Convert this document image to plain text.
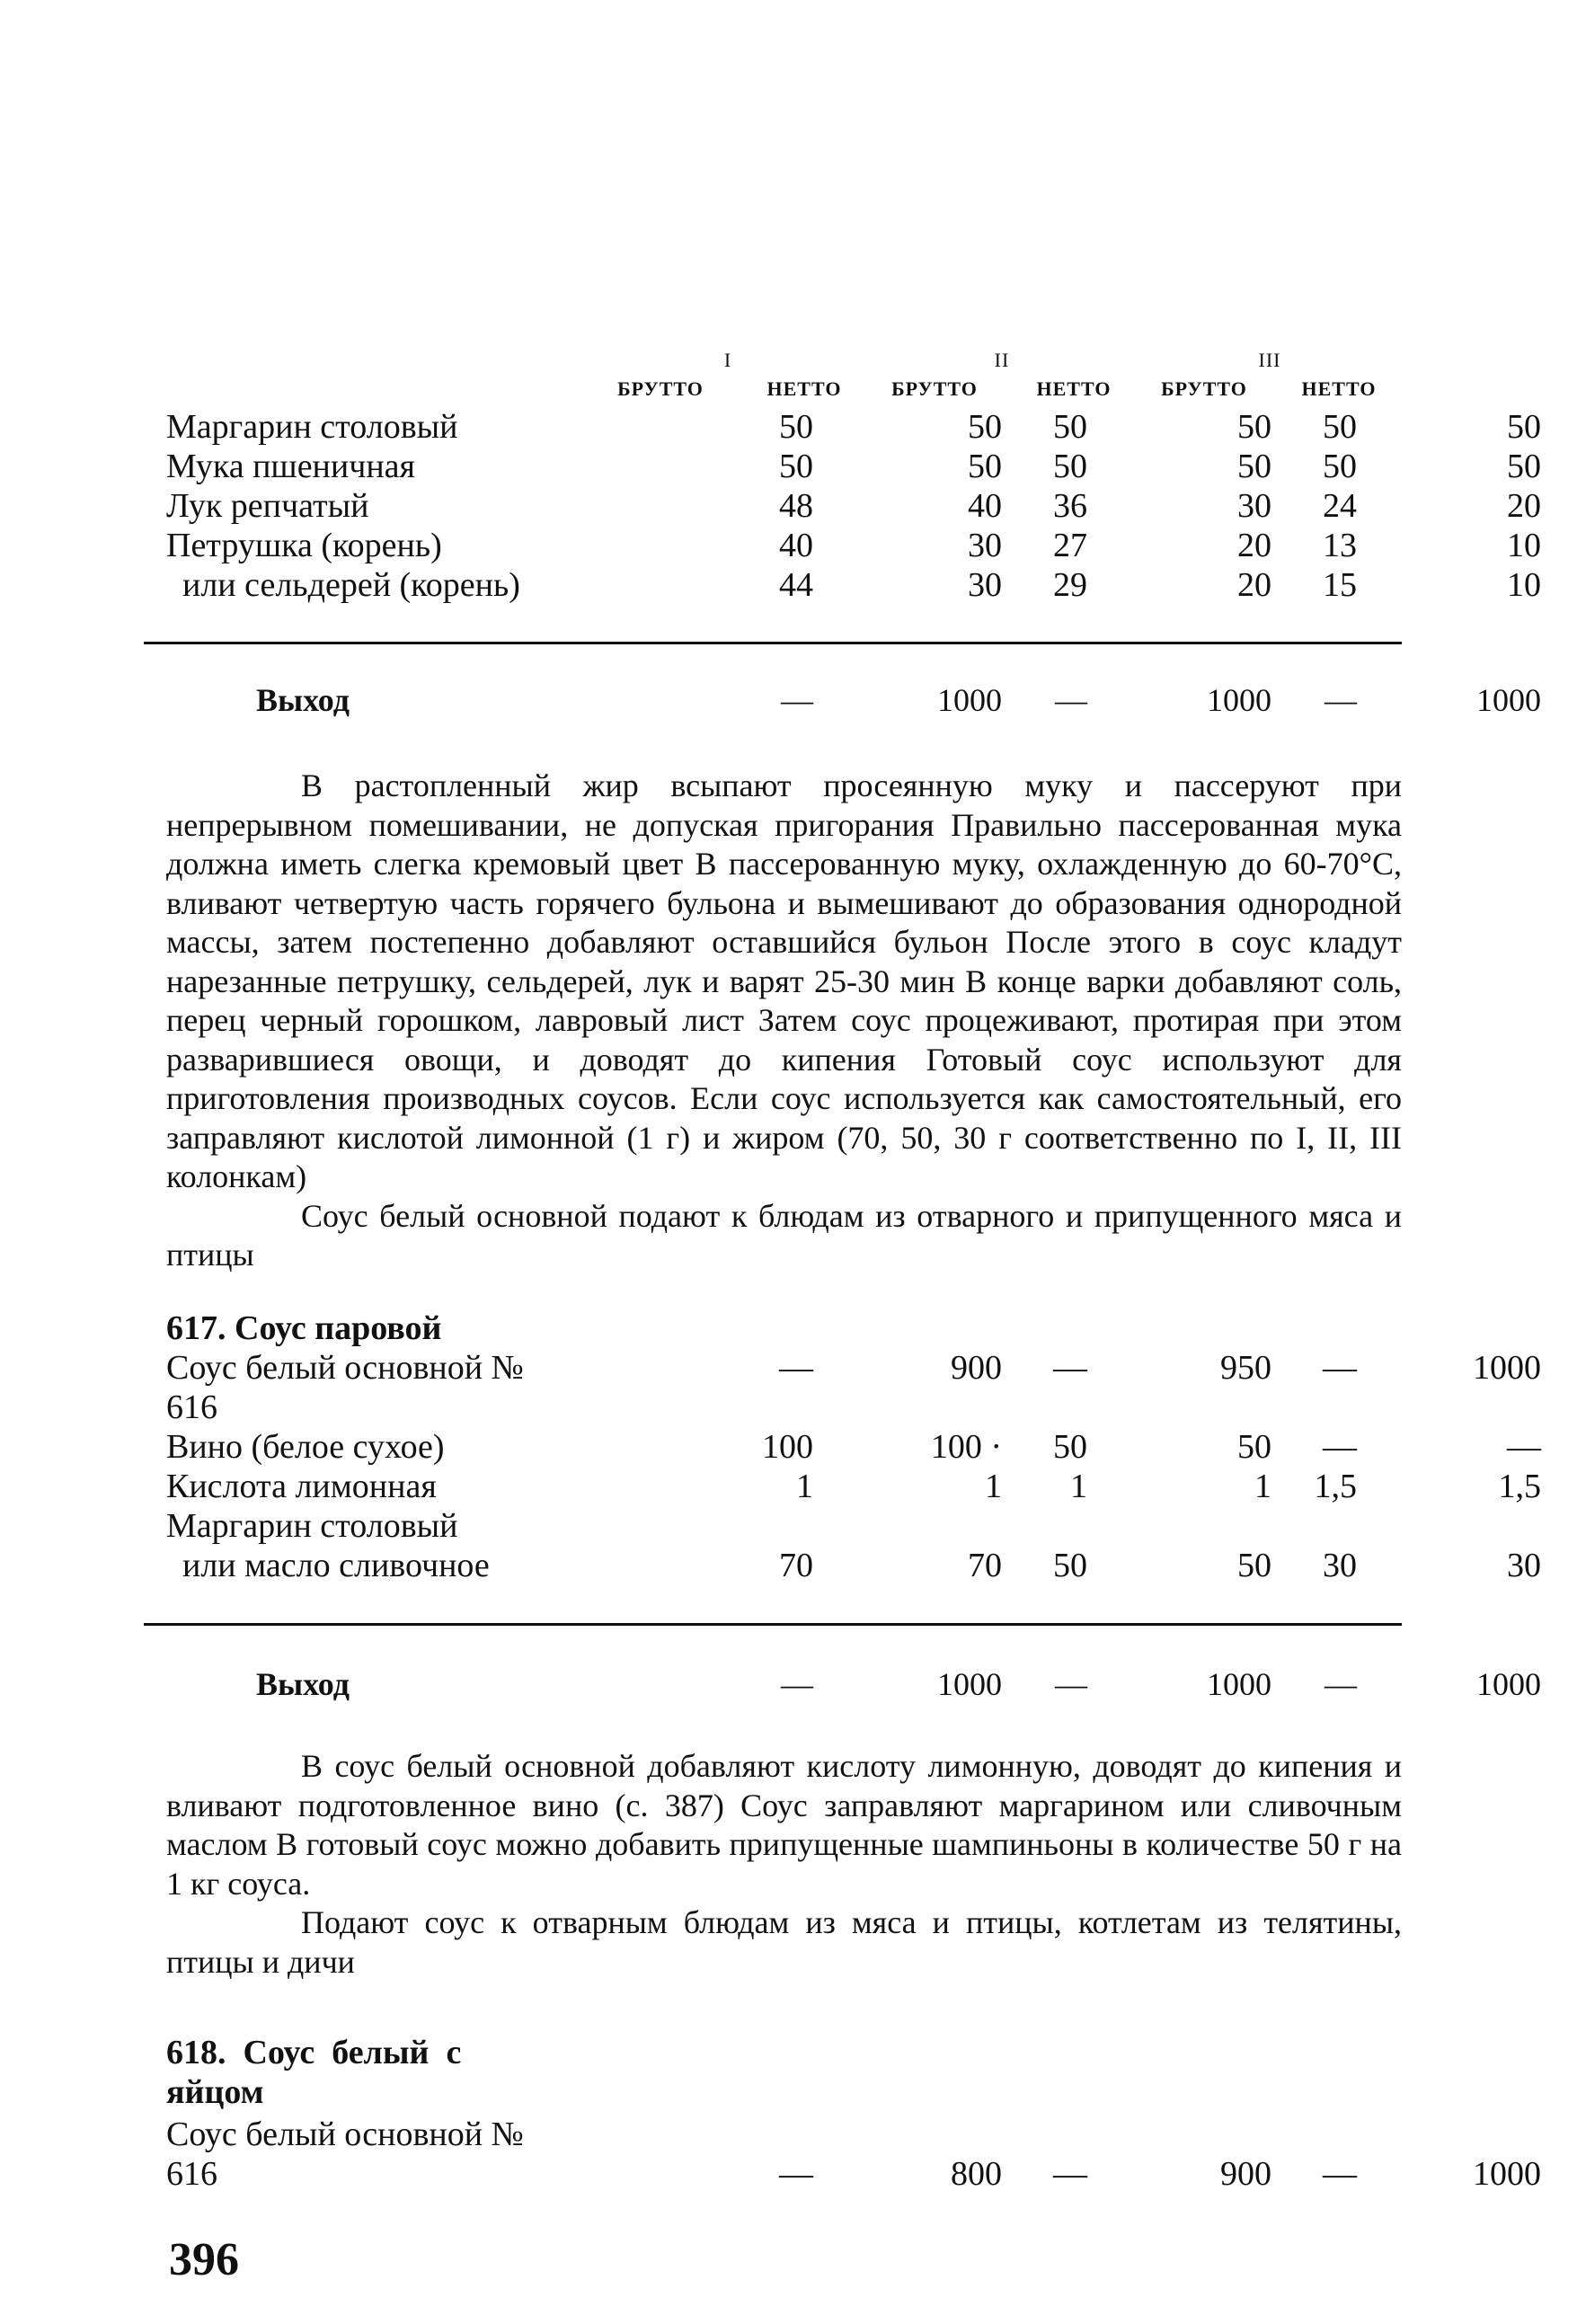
I	II	III
БРУТТО	НЕТТО	БРУТТО	НЕТТО	БРУТТО	НЕТТО
Маргарин столовый	50	50	50	50	50	50
Мука пшеничная	50	50	50	50	50	50
Лук репчатый	48	40	36	30	24	20
Петрушка (корень)	40	30	27	20	13	10
или сельдерей (корень)	44	30	29	20	15	10
Выход	—	1000	—	1000	—	1000

В растопленный жир всыпают просеянную муку и пассеруют при непрерывном помешивании, не допуская пригорания Правильно пассерованная мука должна иметь слегка кремовый цвет В пассерованную муку, охлажденную до 60-70°С, вливают четвертую часть горячего бульона и вымешивают до образования однородной массы, затем постепенно добавляют оставшийся бульон После этого в соус кладут нарезанные петрушку, сельдерей, лук и варят 25-30 мин В конце варки добавляют соль, перец черный горошком, лавровый лист Затем соус процеживают, протирая при этом разварившиеся овощи, и доводят до кипения Готовый соус используют для приготовления производных соусов. Если соус используется как самостоятельный, его заправляют кислотой лимонной (1 г) и жиром (70, 50, 30 г соответственно по I, II, III колонкам)

Соус белый основной подают к блюдам из отварного и припущенного мяса и птицы

617. Соус паровой
Соус белый основной №	—	900	—	950	—	1000
616
Вино (белое сухое)	100	100 ·	50	50	—	—
Кислота лимонная	1	1	1	1	1,5	1,5
Маргарин столовый
или масло сливочное	70	70	50	50	30	30
Выход	—	1000	—	1000	—	1000

В соус белый основной добавляют кислоту лимонную, доводят до кипения и вливают подготовленное вино (с. 387) Соус заправляют маргарином или сливочным маслом В готовый соус можно добавить припущенные шампиньоны в количестве 50 г на 1 кг соуса.

Подают соус к отварным блюдам из мяса и птицы, котлетам из телятины, птицы и дичи

618.  Соус  белый  с
яйцом
Соус белый основной №
616	—	800	—	900	—	1000
396
